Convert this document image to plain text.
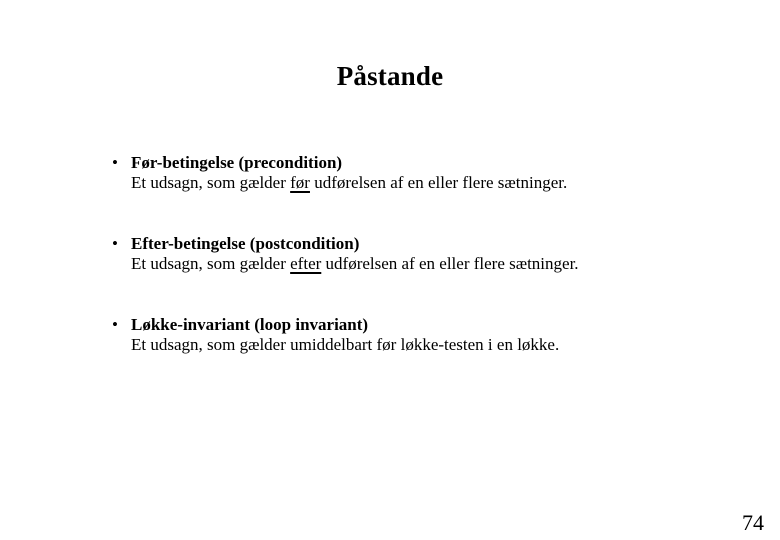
Påstande
• Før-betingelse (precondition)
Et udsagn, som gælder før udførelsen af en eller flere sætninger.
• Efter-betingelse (postcondition)
Et udsagn, som gælder efter udførelsen af en eller flere sætninger.
• Løkke-invariant (loop invariant)
Et udsagn, som gælder umiddelbart før løkke-testen i en løkke.
74
